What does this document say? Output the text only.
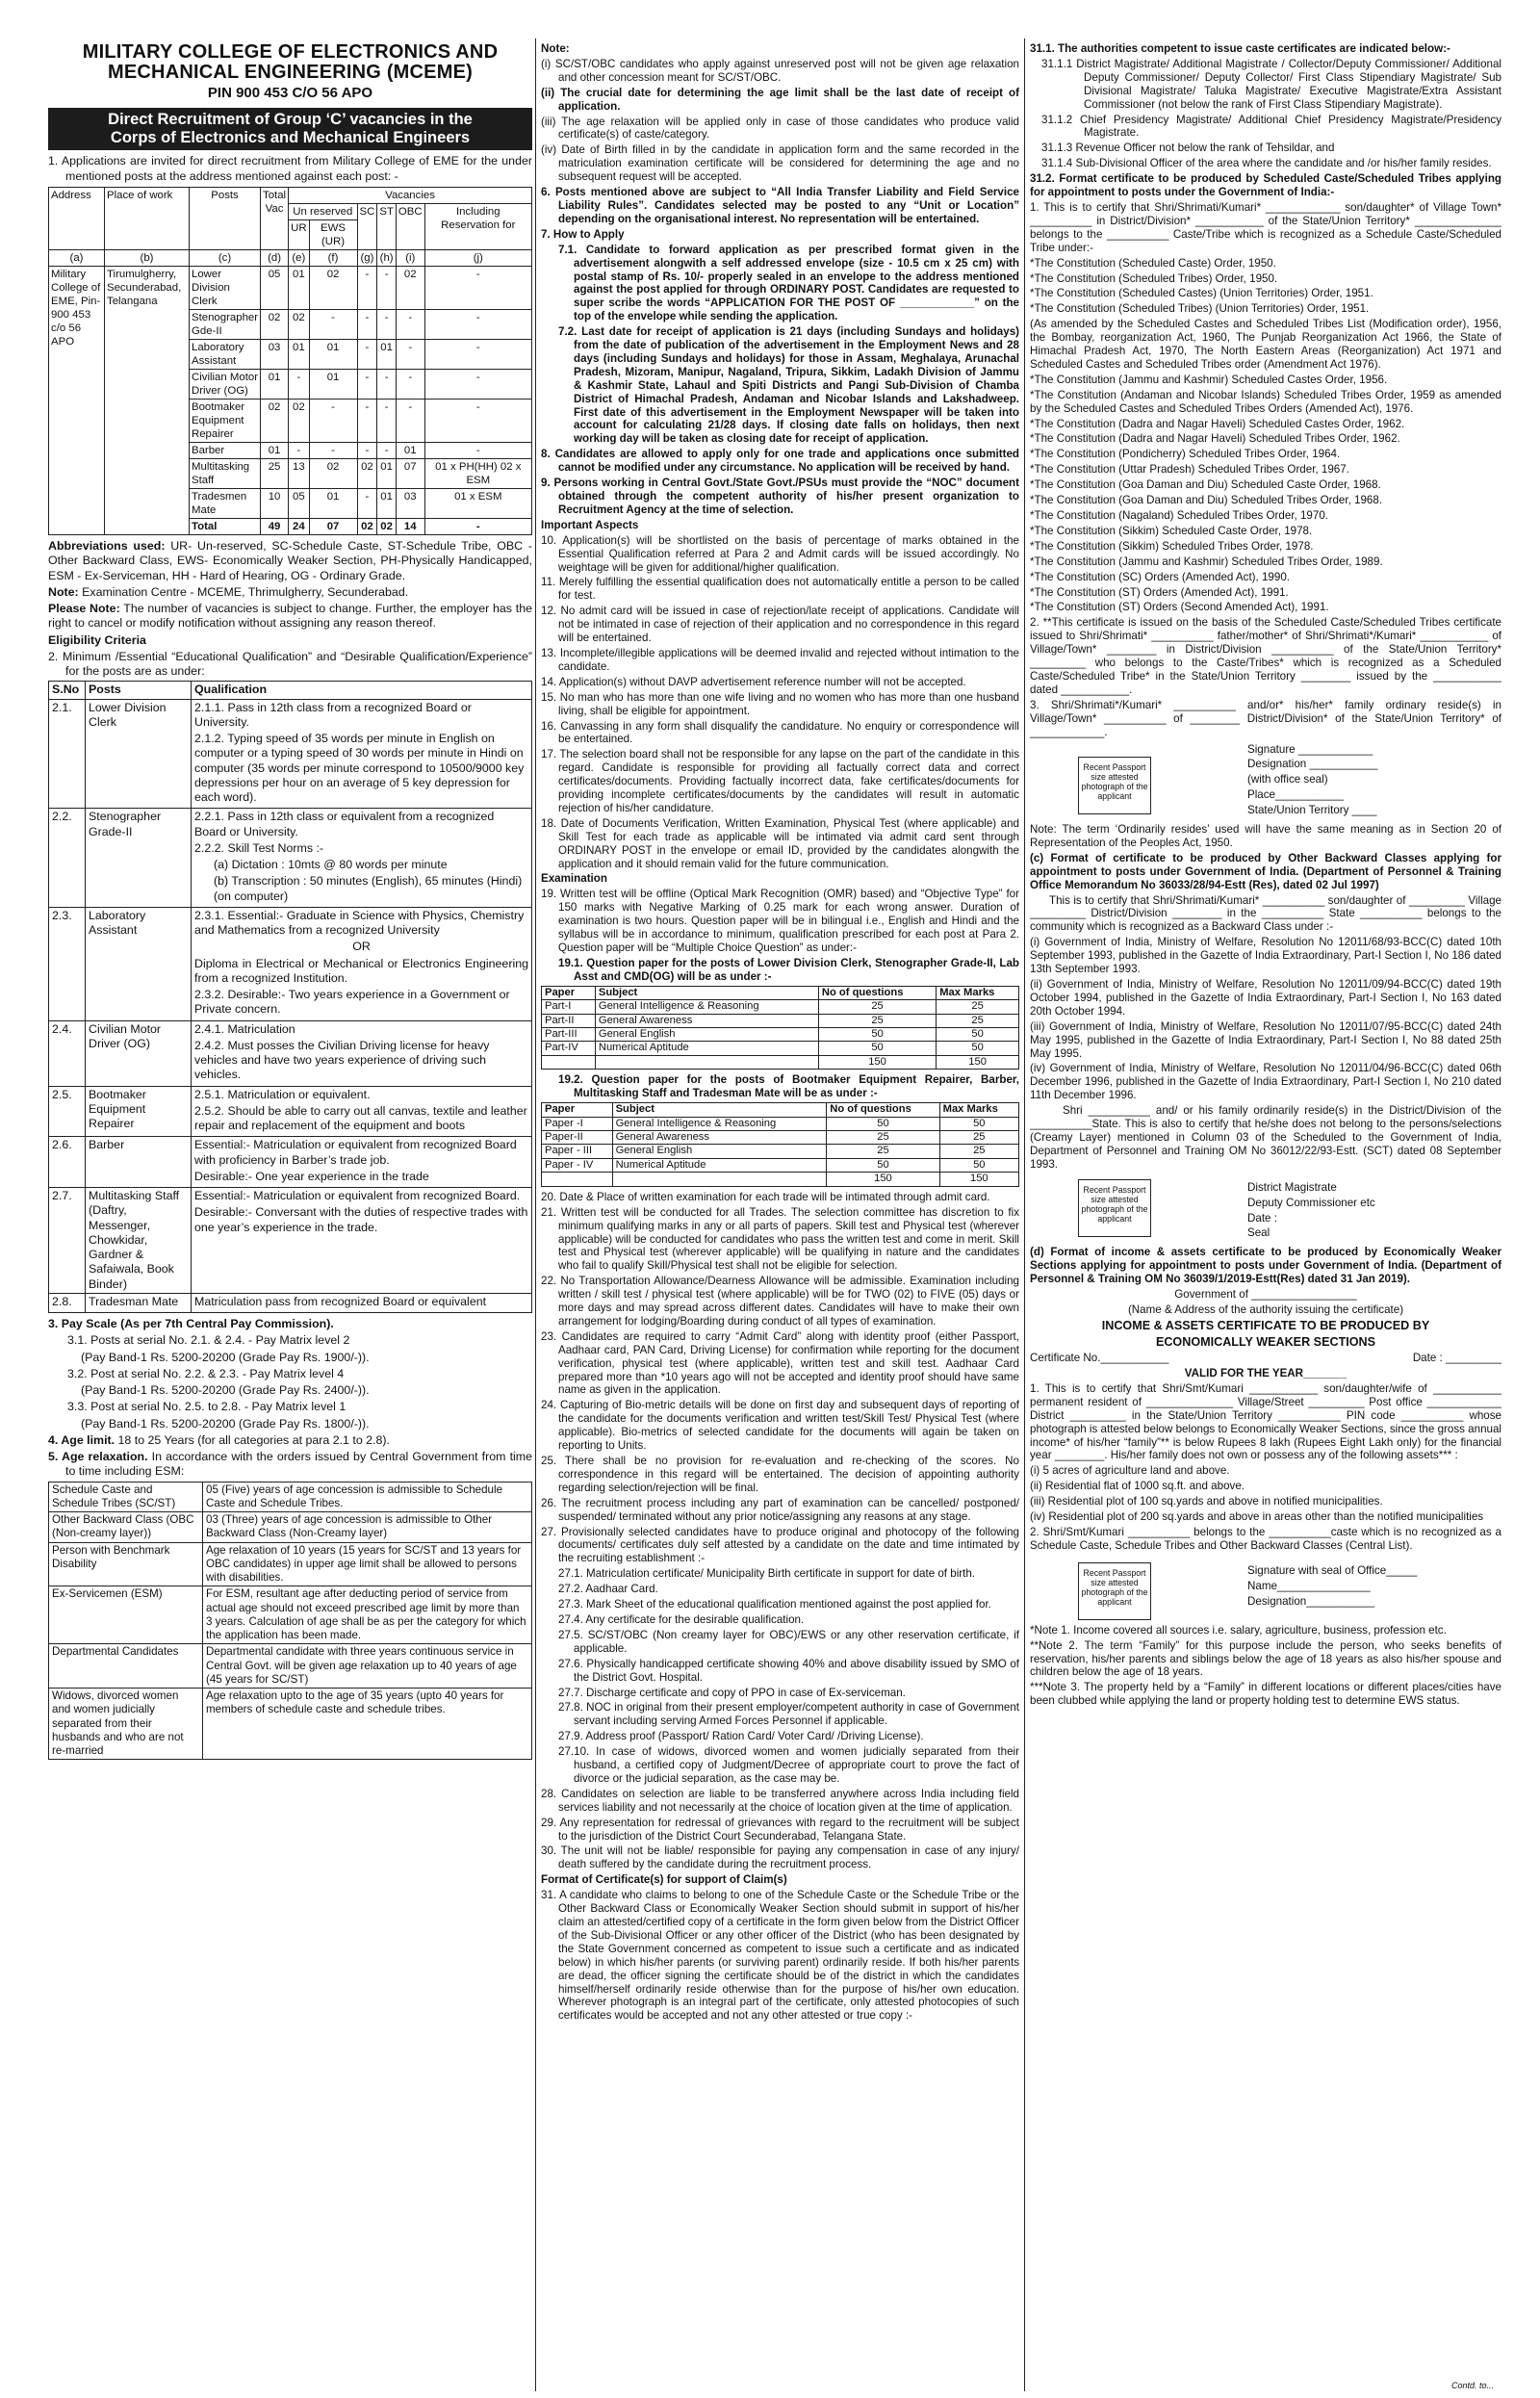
MILITARY COLLEGE OF ELECTRONICS AND
MECHANICAL ENGINEERING (MCEME)
PIN 900 453 C/O 56 APO
Direct Recruitment of Group ‘C’ vacancies in the
Corps of Electronics and Mechanical Engineers

1. Applications are invited for direct recruitment from Military College of EME for the under mentioned posts at the address mentioned against each post: -

Address	Place of work	Posts	Total Vac	Vacancies					
				Un reserved		SC	ST	OBC	Including Reservation for
				UR	EWS (UR)				
(a)	(b)	(c)	(d)	(e)	(f)	(g)	(h)	(i)	(j)
Military College of EME, Pin-900 453 c/o 56 APO	Tirumulgherry, Secunderabad, Telangana	Lower Division Clerk	05	01	02	-	-	02	-
		Stenographer Gde-II	02	02	-	-	-	-	-
		Laboratory Assistant	03	01	01	-	01	-	-
		Civilian Motor Driver (OG)	01	-	01	-	-	-	-
		Bootmaker Equipment Repairer	02	02	-	-	-	-	-
		Barber	01	-	-	-	-	01	-
		Multitasking Staff	25	13	02	02	01	07	01 x PH(HH) 02 x ESM
		Tradesmen Mate	10	05	01	-	01	03	01 x ESM
		Total	49	24	07	02	02	14	-

Abbreviations used: UR- Un-reserved, SC-Schedule Caste, ST-Schedule Tribe, OBC - Other Backward Class, EWS- Economically Weaker Section, PH-Physically Handicapped, ESM - Ex-Serviceman, HH - Hard of Hearing, OG - Ordinary Grade.

Note: Examination Centre - MCEME, Thrimulgherry, Secunderabad.

Please Note: The number of vacancies is subject to change. Further, the employer has the right to cancel or modify notification without assigning any reason thereof.

Eligibility Criteria

2. Minimum /Essential “Educational Qualification” and “Desirable Qualification/Experience” for the posts are as under:

S.No	Posts	Qualification
2.1.	Lower Division Clerk	2.1.1. Pass in 12th class from a recognized Board or University.

2.1.2. Typing speed of 35 words per minute in English on computer or a typing speed of 30 words per minute in Hindi on computer (35 words per minute correspond to 10500/9000 key depressions per hour on an average of 5 key depression for each word).

2.2.	Stenographer Grade-II	2.2.1. Pass in 12th class or equivalent from a recognized Board or University.

2.2.2. Skill Test Norms :-

(a) Dictation : 10mts @ 80 words per minute

(b) Transcription : 50 minutes (English), 65 minutes (Hindi) (on computer)

2.3.	Laboratory Assistant	2.3.1. Essential:- Graduate in Science with Physics, Chemistry and Mathematics from a recognized University

OR

Diploma in Electrical or Mechanical or Electronics Engineering from a recognized Institution.

2.3.2. Desirable:- Two years experience in a Government or Private concern.

2.4.	Civilian Motor Driver (OG)	2.4.1. Matriculation

2.4.2. Must posses the Civilian Driving license for heavy vehicles and have two years experience of driving such vehicles.

2.5.	Bootmaker Equipment Repairer	2.5.1. Matriculation or equivalent.

2.5.2. Should be able to carry out all canvas, textile and leather repair and replacement of the equipment and boots

2.6.	Barber	Essential:- Matriculation or equivalent from recognized Board with proficiency in Barber’s trade job.

Desirable:- One year experience in the trade

2.7.	Multitasking Staff (Daftry, Messenger, Chowkidar, Gardner & Safaiwala, Book Binder)	Essential:- Matriculation or equivalent from recognized Board.

Desirable:- Conversant with the duties of respective trades with one year’s experience in the trade.

2.8.	Tradesman Mate	Matriculation pass from recognized Board or equivalent

3. Pay Scale (As per 7th Central Pay Commission).

3.1. Posts at serial No. 2.1. & 2.4. - Pay Matrix level 2

(Pay Band-1 Rs. 5200-20200 (Grade Pay Rs. 1900/-)).

3.2. Post at serial No. 2.2. & 2.3. - Pay Matrix level 4

(Pay Band-1 Rs. 5200-20200 (Grade Pay Rs. 2400/-)).

3.3. Post at serial No. 2.5. to 2.8. - Pay Matrix level 1

(Pay Band-1 Rs. 5200-20200 (Grade Pay Rs. 1800/-)).

4. Age limit. 18 to 25 Years (for all categories at para 2.1 to 2.8).

5. Age relaxation. In accordance with the orders issued by Central Government from time to time including ESM:

Schedule Caste and Schedule Tribes (SC/ST)	05 (Five) years of age concession is admissible to Schedule Caste and Schedule Tribes.
Other Backward Class (OBC (Non-creamy layer))	03 (Three) years of age concession is admissible to Other Backward Class (Non-Creamy layer)
Person with Benchmark Disability	Age relaxation of 10 years (15 years for SC/ST and 13 years for OBC candidates) in upper age limit shall be allowed to persons with disabilities.
Ex-Servicemen (ESM)	For ESM, resultant age after deducting period of service from actual age should not exceed prescribed age limit by more than 3 years. Calculation of age shall be as per the category for which the application has been made.
Departmental Candidates	Departmental candidate with three years continuous service in Central Govt. will be given age relaxation up to 40 years of age (45 years for SC/ST)
Widows, divorced women and women judicially separated from their husbands and who are not re-married	Age relaxation upto to the age of 35 years (upto 40 years for members of schedule caste and schedule tribes.

Note:

(i) SC/ST/OBC candidates who apply against unreserved post will not be given age relaxation and other concession meant for SC/ST/OBC.

(ii) The crucial date for determining the age limit shall be the last date of receipt of application.

(iii) The age relaxation will be applied only in case of those candidates who produce valid certificate(s) of caste/category.

(iv) Date of Birth filled in by the candidate in application form and the same recorded in the matriculation examination certificate will be considered for determining the age and no subsequent request will be accepted.

6. Posts mentioned above are subject to “All India Transfer Liability and Field Service Liability Rules”. Candidates selected may be posted to any “Unit or Location” depending on the organisational interest. No representation will be entertained.

7. How to Apply

7.1. Candidate to forward application as per prescribed format given in the advertisement alongwith a self addressed envelope (size - 10.5 cm x 25 cm) with postal stamp of Rs. 10/- properly sealed in an envelope to the address mentioned against the post applied for through ORDINARY POST. Candidates are requested to super scribe the words “APPLICATION FOR THE POST OF ____________” on the top of the envelope while sending the application.

7.2. Last date for receipt of application is 21 days (including Sundays and holidays) from the date of publication of the advertisement in the Employment News and 28 days (including Sundays and holidays) for those in Assam, Meghalaya, Arunachal Pradesh, Mizoram, Manipur, Nagaland, Tripura, Sikkim, Ladakh Division of Jammu & Kashmir State, Lahaul and Spiti Districts and Pangi Sub-Division of Chamba District of Himachal Pradesh, Andaman and Nicobar Islands and Lakshadweep. First date of this advertisement in the Employment Newspaper will be taken into account for calculating 21/28 days. If closing date falls on holidays, then next working day will be taken as closing date for receipt of application.

8. Candidates are allowed to apply only for one trade and applications once submitted cannot be modified under any circumstance. No application will be received by hand.

9. Persons working in Central Govt./State Govt./PSUs must provide the “NOC” document obtained through the competent authority of his/her present organization to Recruitment Agency at the time of selection.

Important Aspects

10. Application(s) will be shortlisted on the basis of percentage of marks obtained in the Essential Qualification referred at Para 2 and Admit cards will be issued accordingly. No weightage will be given for additional/higher qualification.

11. Merely fulfilling the essential qualification does not automatically entitle a person to be called for test.

12. No admit card will be issued in case of rejection/late receipt of applications. Candidate will not be intimated in case of rejection of their application and no correspondence in this regard will be entertained.

13. Incomplete/illegible applications will be deemed invalid and rejected without intimation to the candidate.

14. Application(s) without DAVP advertisement reference number will not be accepted.

15. No man who has more than one wife living and no women who has more than one husband living, shall be eligible for appointment.

16. Canvassing in any form shall disqualify the candidature. No enquiry or correspondence will be entertained.

17. The selection board shall not be responsible for any lapse on the part of the candidate in this regard. Candidate is responsible for providing all factually correct data and correct certificates/documents. Providing factually incorrect data, fake certificates/documents for providing incomplete certificates/documents by the candidates will result in automatic rejection of his/her candidature.

18. Date of Documents Verification, Written Examination, Physical Test (where applicable) and Skill Test for each trade as applicable will be intimated via admit card sent through ORDINARY POST in the envelope or email ID, provided by the candidates alongwith the application and it should remain valid for the future communication.

Examination

19. Written test will be offline (Optical Mark Recognition (OMR) based) and “Objective Type” for 150 marks with Negative Marking of 0.25 mark for each wrong answer. Duration of examination is two hours. Question paper will be in bilingual i.e., English and Hindi and the syllabus will be in accordance to minimum, qualification prescribed for each post at Para 2. Question paper will be “Multiple Choice Question” as under:-

19.1. Question paper for the posts of Lower Division Clerk, Stenographer Grade-II, Lab Asst and CMD(OG) will be as under :-

Paper	Subject	No of questions	Max Marks
Part-I	General Intelligence & Reasoning	25	25
Part-II	General Awareness	25	25
Part-III	General English	50	50
Part-IV	Numerical Aptitude	50	50
		150	150

19.2. Question paper for the posts of Bootmaker Equipment Repairer, Barber, Multitasking Staff and Tradesman Mate will be as under :-

Paper	Subject	No of questions	Max Marks
Paper -I	General Intelligence & Reasoning	50	50
Paper-II	General Awareness	25	25
Paper - III	General English	25	25
Paper - IV	Numerical Aptitude	50	50
		150	150

20. Date & Place of written examination for each trade will be intimated through admit card.

21. Written test will be conducted for all Trades. The selection committee has discretion to fix minimum qualifying marks in any or all parts of papers. Skill test and Physical test (wherever applicable) will be conducted for candidates who pass the written test and come in merit. Skill test and Physical test (wherever applicable) will be qualifying in nature and the candidates who fail to qualify Skill/Physical test shall not be eligible for selection.

22. No Transportation Allowance/Dearness Allowance will be admissible. Examination including written / skill test / physical test (where applicable) will be for TWO (02) to FIVE (05) days or more days and may spread across different dates. Candidates will have to make their own arrangement for lodging/Boarding during conduct of all types of examination.

23. Candidates are required to carry “Admit Card” along with identity proof (either Passport, Aadhaar card, PAN Card, Driving License) for confirmation while reporting for the document verification, physical test (where applicable), written test and skill test. Aadhaar Card prepared more than *10 years ago will not be accepted and identity proof should have same name as given in the application.

24. Capturing of Bio-metric details will be done on first day and subsequent days of reporting of the candidate for the documents verification and written test/Skill Test/ Physical Test (where applicable). Bio-metrics of selected candidate for the documents will again be taken on reporting to Units.

25. There shall be no provision for re-evaluation and re-checking of the scores. No correspondence in this regard will be entertained. The decision of appointing authority regarding selection/rejection will be final.

26. The recruitment process including any part of examination can be cancelled/ postponed/ suspended/ terminated without any prior notice/assigning any reasons at any stage.

27. Provisionally selected candidates have to produce original and photocopy of the following documents/ certificates duly self attested by a candidate on the date and time intimated by the recruiting establishment :-

27.1. Matriculation certificate/ Municipality Birth certificate in support for date of birth.

27.2. Aadhaar Card.

27.3. Mark Sheet of the educational qualification mentioned against the post applied for.

27.4. Any certificate for the desirable qualification.

27.5. SC/ST/OBC (Non creamy layer for OBC)/EWS or any other reservation certificate, if applicable.

27.6. Physically handicapped certificate showing 40% and above disability issued by SMO of the District Govt. Hospital.

27.7. Discharge certificate and copy of PPO in case of Ex-serviceman.

27.8. NOC in original from their present employer/competent authority in case of Government servant including serving Armed Forces Personnel if applicable.

27.9. Address proof (Passport/ Ration Card/ Voter Card/ /Driving License).

27.10. In case of widows, divorced women and women judicially separated from their husband, a certified copy of Judgment/Decree of appropriate court to prove the fact of divorce or the judicial separation, as the case may be.

28. Candidates on selection are liable to be transferred anywhere across India including field services liability and not necessarily at the choice of location given at the time of application.

29. Any representation for redressal of grievances with regard to the recruitment will be subject to the jurisdiction of the District Court Secunderabad, Telangana State.

30. The unit will not be liable/ responsible for paying any compensation in case of any injury/ death suffered by the candidate during the recruitment process.

Format of Certificate(s) for support of Claim(s)

31. A candidate who claims to belong to one of the Schedule Caste or the Schedule Tribe or the Other Backward Class or Economically Weaker Section should submit in support of his/her claim an attested/certified copy of a certificate in the form given below from the District Officer of the Sub-Divisional Officer or any other officer of the District (who has been designated by the State Government concerned as competent to issue such a certificate and as indicated below) in which his/her parents (or surviving parent) ordinarily reside. If both his/her parents are dead, the officer signing the certificate should be of the district in which the candidates himself/herself ordinarily reside otherwise than for the purpose of his/her own education. Wherever photograph is an integral part of the certificate, only attested photocopies of such certificates would be accepted and not any other attested or true copy :-

31.1. The authorities competent to issue caste certificates are indicated below:-

31.1.1 District Magistrate/ Additional Magistrate / Collector/Deputy Commissioner/ Additional Deputy Commissioner/ Deputy Collector/ First Class Stipendiary Magistrate/ Sub Divisional Magistrate/ Taluka Magistrate/ Executive Magistrate/Extra Assistant Commissioner (not below the rank of First Class Stipendiary Magistrate).

31.1.2 Chief Presidency Magistrate/ Additional Chief Presidency Magistrate/Presidency Magistrate.

31.1.3 Revenue Officer not below the rank of Tehsildar, and

31.1.4 Sub-Divisional Officer of the area where the candidate and /or his/her family resides.

31.2. Format certificate to be produced by Scheduled Caste/Scheduled Tribes applying for appointment to posts under the Government of India:-

1. This is to certify that Shri/Shrimati/Kumari* ____________ son/daughter* of Village Town* __________ in District/Division* ___________ of the State/Union Territory* ______________ belongs to the __________ Caste/Tribe which is recognized as a Schedule Caste/Scheduled Tribe under:-

*The Constitution (Scheduled Caste) Order, 1950.

*The Constitution (Scheduled Tribes) Order, 1950.

*The Constitution (Scheduled Castes) (Union Territories) Order, 1951.

*The Constitution (Scheduled Tribes) (Union Territories) Order, 1951.

(As amended by the Scheduled Castes and Scheduled Tribes List (Modification order), 1956, the Bombay, reorganization Act, 1960, The Punjab Reorganization Act 1966, the State of Himachal Pradesh Act, 1970, The North Eastern Areas (Reorganization) Act 1971 and Scheduled Castes and Scheduled Tribes order (Amendment Act 1976).

*The Constitution (Jammu and Kashmir) Scheduled Castes Order, 1956.

*The Constitution (Andaman and Nicobar Islands) Scheduled Tribes Order, 1959 as amended by the Scheduled Castes and Scheduled Tribes Orders (Amended Act), 1976.

*The Constitution (Dadra and Nagar Haveli) Scheduled Castes Order, 1962.

*The Constitution (Dadra and Nagar Haveli) Scheduled Tribes Order, 1962.

*The Constitution (Pondicherry) Scheduled Tribes Order, 1964.

*The Constitution (Uttar Pradesh) Scheduled Tribes Order, 1967.

*The Constitution (Goa Daman and Diu) Scheduled Caste Order, 1968.

*The Constitution (Goa Daman and Diu) Scheduled Tribes Order, 1968.

*The Constitution (Nagaland) Scheduled Tribes Order, 1970.

*The Constitution (Sikkim) Scheduled Caste Order, 1978.

*The Constitution (Sikkim) Scheduled Tribes Order, 1978.

*The Constitution (Jammu and Kashmir) Scheduled Tribes Order, 1989.

*The Constitution (SC) Orders (Amended Act), 1990.

*The Constitution (ST) Orders (Amended Act), 1991.

*The Constitution (ST) Orders (Second Amended Act), 1991.

2. **This certificate is issued on the basis of the Scheduled Caste/Scheduled Tribes certificate issued to Shri/Shrimati* __________ father/mother* of Shri/Shrimati*/Kumari* ___________ of Village/Town* ________ in District/Division __________ of the State/Union Territory* _________ who belongs to the Caste/Tribes* which is recognized as a Scheduled Caste/Scheduled Tribe* in the State/Union Territory ________ issued by the ___________ dated ___________.

3. Shri/Shrimati*/Kumari* __________ and/or* his/her* family ordinary reside(s) in Village/Town* __________ of ________ District/Division* of the State/Union Territory* of ____________.

Recent Passport size attested photograph of the applicant

Signature ____________

Designation ___________

(with office seal)

Place___________

State/Union Territory ____

Note: The term ‘Ordinarily resides’ used will have the same meaning as in Section 20 of Representation of the Peoples Act, 1950.

(c) Format of certificate to be produced by Other Backward Classes applying for appointment to posts under Government of India. (Department of Personnel & Training Office Memorandum No 36033/28/94-Estt (Res), dated 02 Jul 1997)

This is to certify that Shri/Shrimati/Kumari* __________ son/daughter of _________ Village _________ District/Division ________ in the __________ State __________ belongs to the community which is recognized as a Backward Class under :-

(i) Government of India, Ministry of Welfare, Resolution No 12011/68/93-BCC(C) dated 10th September 1993, published in the Gazette of India Extraordinary, Part-I Section I, No 186 dated 13th September 1993.

(ii) Government of India, Ministry of Welfare, Resolution No 12011/09/94-BCC(C) dated 19th October 1994, published in the Gazette of India Extraordinary, Part-I Section I, No 163 dated 20th October 1994.

(iii) Government of India, Ministry of Welfare, Resolution No 12011/07/95-BCC(C) dated 24th May 1995, published in the Gazette of India Extraordinary, Part-I Section I, No 88 dated 25th May 1995.

(iv) Government of India, Ministry of Welfare, Resolution No 12011/04/96-BCC(C) dated 06th December 1996, published in the Gazette of India Extraordinary, Part-I Section I, No 210 dated 11th December 1996.

Shri __________ and/ or his family ordinarily reside(s) in the District/Division of the __________State. This is also to certify that he/she does not belong to the persons/selections (Creamy Layer) mentioned in Column 03 of the Scheduled to the Government of India, Department of Personnel and Training OM No 36012/22/93-Estt. (SCT) dated 08 September 1993.

Recent Passport size attested photograph of the applicant

District Magistrate

Deputy Commissioner etc

Date :

Seal

(d) Format of income & assets certificate to be produced by Economically Weaker Sections applying for appointment to posts under Government of India. (Department of Personnel & Training OM No 36039/1/2019-Estt(Res) dated 31 Jan 2019).

Government of _________________

(Name & Address of the authority issuing the certificate)

INCOME & ASSETS CERTIFICATE TO BE PRODUCED BY

ECONOMICALLY WEAKER SECTIONS

Certificate No.___________	Date : _________

VALID FOR THE YEAR_______

1. This is to certify that Shri/Smt/Kumari ___________ son/daughter/wife of ___________ permanent resident of ______________ Village/Street _________ Post office ____________ District _________ in the State/Union Territory __________ PIN code __________ whose photograph is attested below belongs to Economically Weaker Sections, since the gross annual income* of his/her “family”** is below Rupees 8 lakh (Rupees Eight Lakh only) for the financial year ________. His/her family does not own or possess any of the following assets*** :

(i) 5 acres of agriculture land and above.

(ii) Residential flat of 1000 sq.ft. and above.

(iii) Residential plot of 100 sq.yards and above in notified municipalities.

(iv) Residential plot of 200 sq.yards and above in areas other than the notified municipalities

2. Shri/Smt/Kumari __________ belongs to the __________caste which is no recognized as a Schedule Caste, Schedule Tribes and Other Backward Classes (Central List).

Recent Passport size attested photograph of the applicant

Signature with seal of Office_____

Name_______________

Designation___________

*Note 1. Income covered all sources i.e. salary, agriculture, business, profession etc.

**Note 2. The term “Family” for this purpose include the person, who seeks benefits of reservation, his/her parents and siblings below the age of 18 years as also his/her spouse and children below the age of 18 years.

***Note 3. The property held by a “Family” in different locations or different places/cities have been clubbed while applying the land or property holding test to determine EWS status.

Contd. to...
